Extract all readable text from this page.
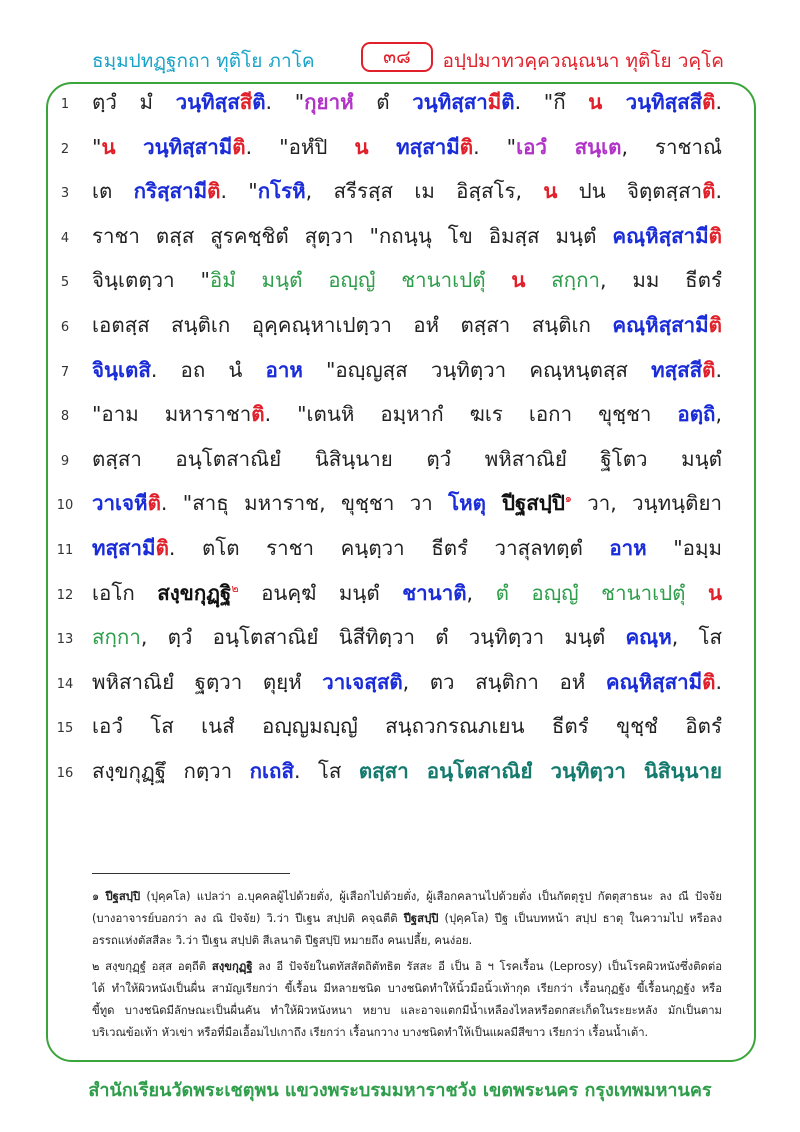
ธมฺมปทฏฺฐกถา ทุติโย ภาโค	๓๘	อปฺปมาทวคฺควณฺณนา ทุติโย วคฺโค
1 ตฺวํ มํ วนฺทิสฺสสีติ. "กุยาหํ ตํ วนฺทิสฺสามีติ. "กึ น วนฺทิสฺสสีติ.
2 "น วนฺทิสฺสามีติ. "อหํปิ น ทสฺสามีติ. "เอวํ สนฺเต, ราชาณํ
3 เต กริสฺสามีติ. "กโรหิ, สรีรสฺส เม อิสฺสโร, น ปน จิตฺตสฺสาติ.
4 ราชา ตสฺส สูรคชฺชิตํ สุตฺวา "กถนฺนุ โข อิมสฺส มนฺตํ คณฺหิสฺสามีติ
5 จินฺเตตฺวา "อิมํ มนฺตํ อญฺญํ ชานาเปตุํ น สกฺกา, มม ธีตรํ
6 เอตสฺส สนฺติเก อุคฺคณฺหาเปตฺวา อหํ ตสฺสา สนฺติเก คณฺหิสฺสามีติ
7 จินฺเตสิ. อถ นํ อาห "อญฺญสฺส วนฺทิตฺวา คณฺหนฺตสฺส ทสฺสสีติ.
8 "อาม มหาราชาติ. "เตนหิ อมฺหากํ ฆเร เอกา ขุชฺชา อตฺถิ,
9 ตสฺสา อนฺโตสาณิยํ นิสินฺนาย ตฺวํ พหิสาณิยํ ฐิโตว มนฺตํ
10 วาเจหีติ. "สาธุ มหาราช, ขุชฺชา วา โหตุ ปีฐสปฺปิ$^๑$ วา, วนฺทนฺติยา
11 ทสฺสามีติ. ตโต ราชา คนฺตฺวา ธีตรํ วาสุลทตฺตํ อาห "อมฺม
12 เอโก สงฺขกุฏฺฐิ$^๒$ อนคฺฆํ มนฺตํ ชานาติ, ตํ อญฺญํ ชานาเปตุํ น
13 สกฺกา, ตฺวํ อนฺโตสาณิยํ นิสีทิตฺวา ตํ วนฺทิตฺวา มนฺตํ คณฺห, โส
14 พหิสาณิยํ ฐตฺวา ตุยฺหํ วาเจสฺสติ, ตว สนฺติกา อหํ คณฺหิสฺสามีติ.
15 เอวํ โส เนสํ อญฺญมญฺญํ สนฺถวกรณภเยน ธีตรํ ขุชฺชํ อิตรํ
16 สงฺขกุฏฺฐึ กตฺวา กเถสิ. โส ตสฺสา อนฺโตสาณิยํ วนฺทิตฺวา นิสินฺนาย

๑ ปีฐสปฺปิ (ปุคฺคโล) แปลว่า อ.บุคคลผู้ไปด้วยตั่ง, ผู้เสือกไปด้วยตั่ง, ผู้เสือกคลานไปด้วยตั่ง เป็นกัตตุรูป กัตตุสาธนะ ลง ณี ปัจจัย

(บางอาจารย์บอกว่า ลง ณิ ปัจจัย) วิ.ว่า ปีเฐน สปฺปติ คจฺฉตีติ ปีฐสปฺปิ (ปุคฺคโล) ปีฐ เป็นบทหน้า สปฺป ธาตุ ในความไป หรือลง

อรรถแห่งตัสสีละ วิ.ว่า ปีเฐน สปฺปติ สีเลนาติ ปีฐสปฺปิ หมายถึง คนเปลี้ย, คนง่อย.

๒ สงฺขกุฏฺฐํ อสฺส อตฺถีติ สงฺขกุฏฺฐิ ลง อี ปัจจัยในตทัสสัตถิตัทธิต รัสสะ อี เป็น อิ ฯ โรคเรื้อน (Leprosy) เป็นโรคผิวหนังซึ่งติดต่อ

ได้ ทำให้ผิวหนังเป็นผื่น สามัญเรียกว่า ขี้เรื้อน มีหลายชนิด บางชนิดทำให้นิ้วมือนิ้วเท้ากุด เรียกว่า เรื้อนกุฏฐัง ขี้เรื้อนกุฏฐัง หรือ

ขี้ทูด บางชนิดมีลักษณะเป็นผื่นคัน ทำให้ผิวหนังหนา หยาบ และอาจแตกมีน้ำเหลืองไหลหรือตกสะเก็ดในระยะหลัง มักเป็นตาม

บริเวณข้อเท้า หัวเข่า หรือที่มือเอื้อมไปเกาถึง เรียกว่า เรื้อนกวาง บางชนิดทำให้เป็นแผลมีสีขาว เรียกว่า เรื้อนน้ำเต้า.

สำนักเรียนวัดพระเชตุพน แขวงพระบรมมหาราชวัง เขตพระนคร กรุงเทพมหานคร
